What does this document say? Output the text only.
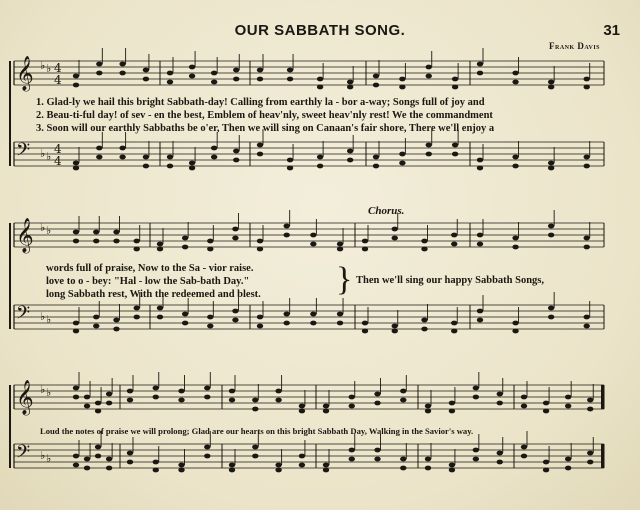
OUR SABBATH SONG.	31
Frank Davis
𝄞 ♭ ♭ 4
4
𝄢 ♭ ♭
4
4
𝄞 ♭ ♭
𝄢 ♭ ♭
𝄞 ♭ ♭
𝄢 ♭ ♭
1. Glad-ly we hail this bright Sabbath-day! Calling from earthly la - bor a-way; Songs full of joy and
2. Beau-ti-ful day! of sev - en the best, Emblem of heav'nly, sweet heav'nly rest! We the commandment
3. Soon will our earthly Sabbaths be o'er, Then we will sing on Canaan's fair shore, There we'll enjoy a
words full of praise, Now to the Sa - vior raise.
love to o - bey: "Hal - low the Sab-bath Day."
long Sabbath rest, With the redeemed and blest. }
Chorus.
Then we'll sing our happy Sabbath Songs,
Loud the notes of praise we will prolong; Glad are our hearts on this bright Sabbath Day, Walking in the Savior's way.
